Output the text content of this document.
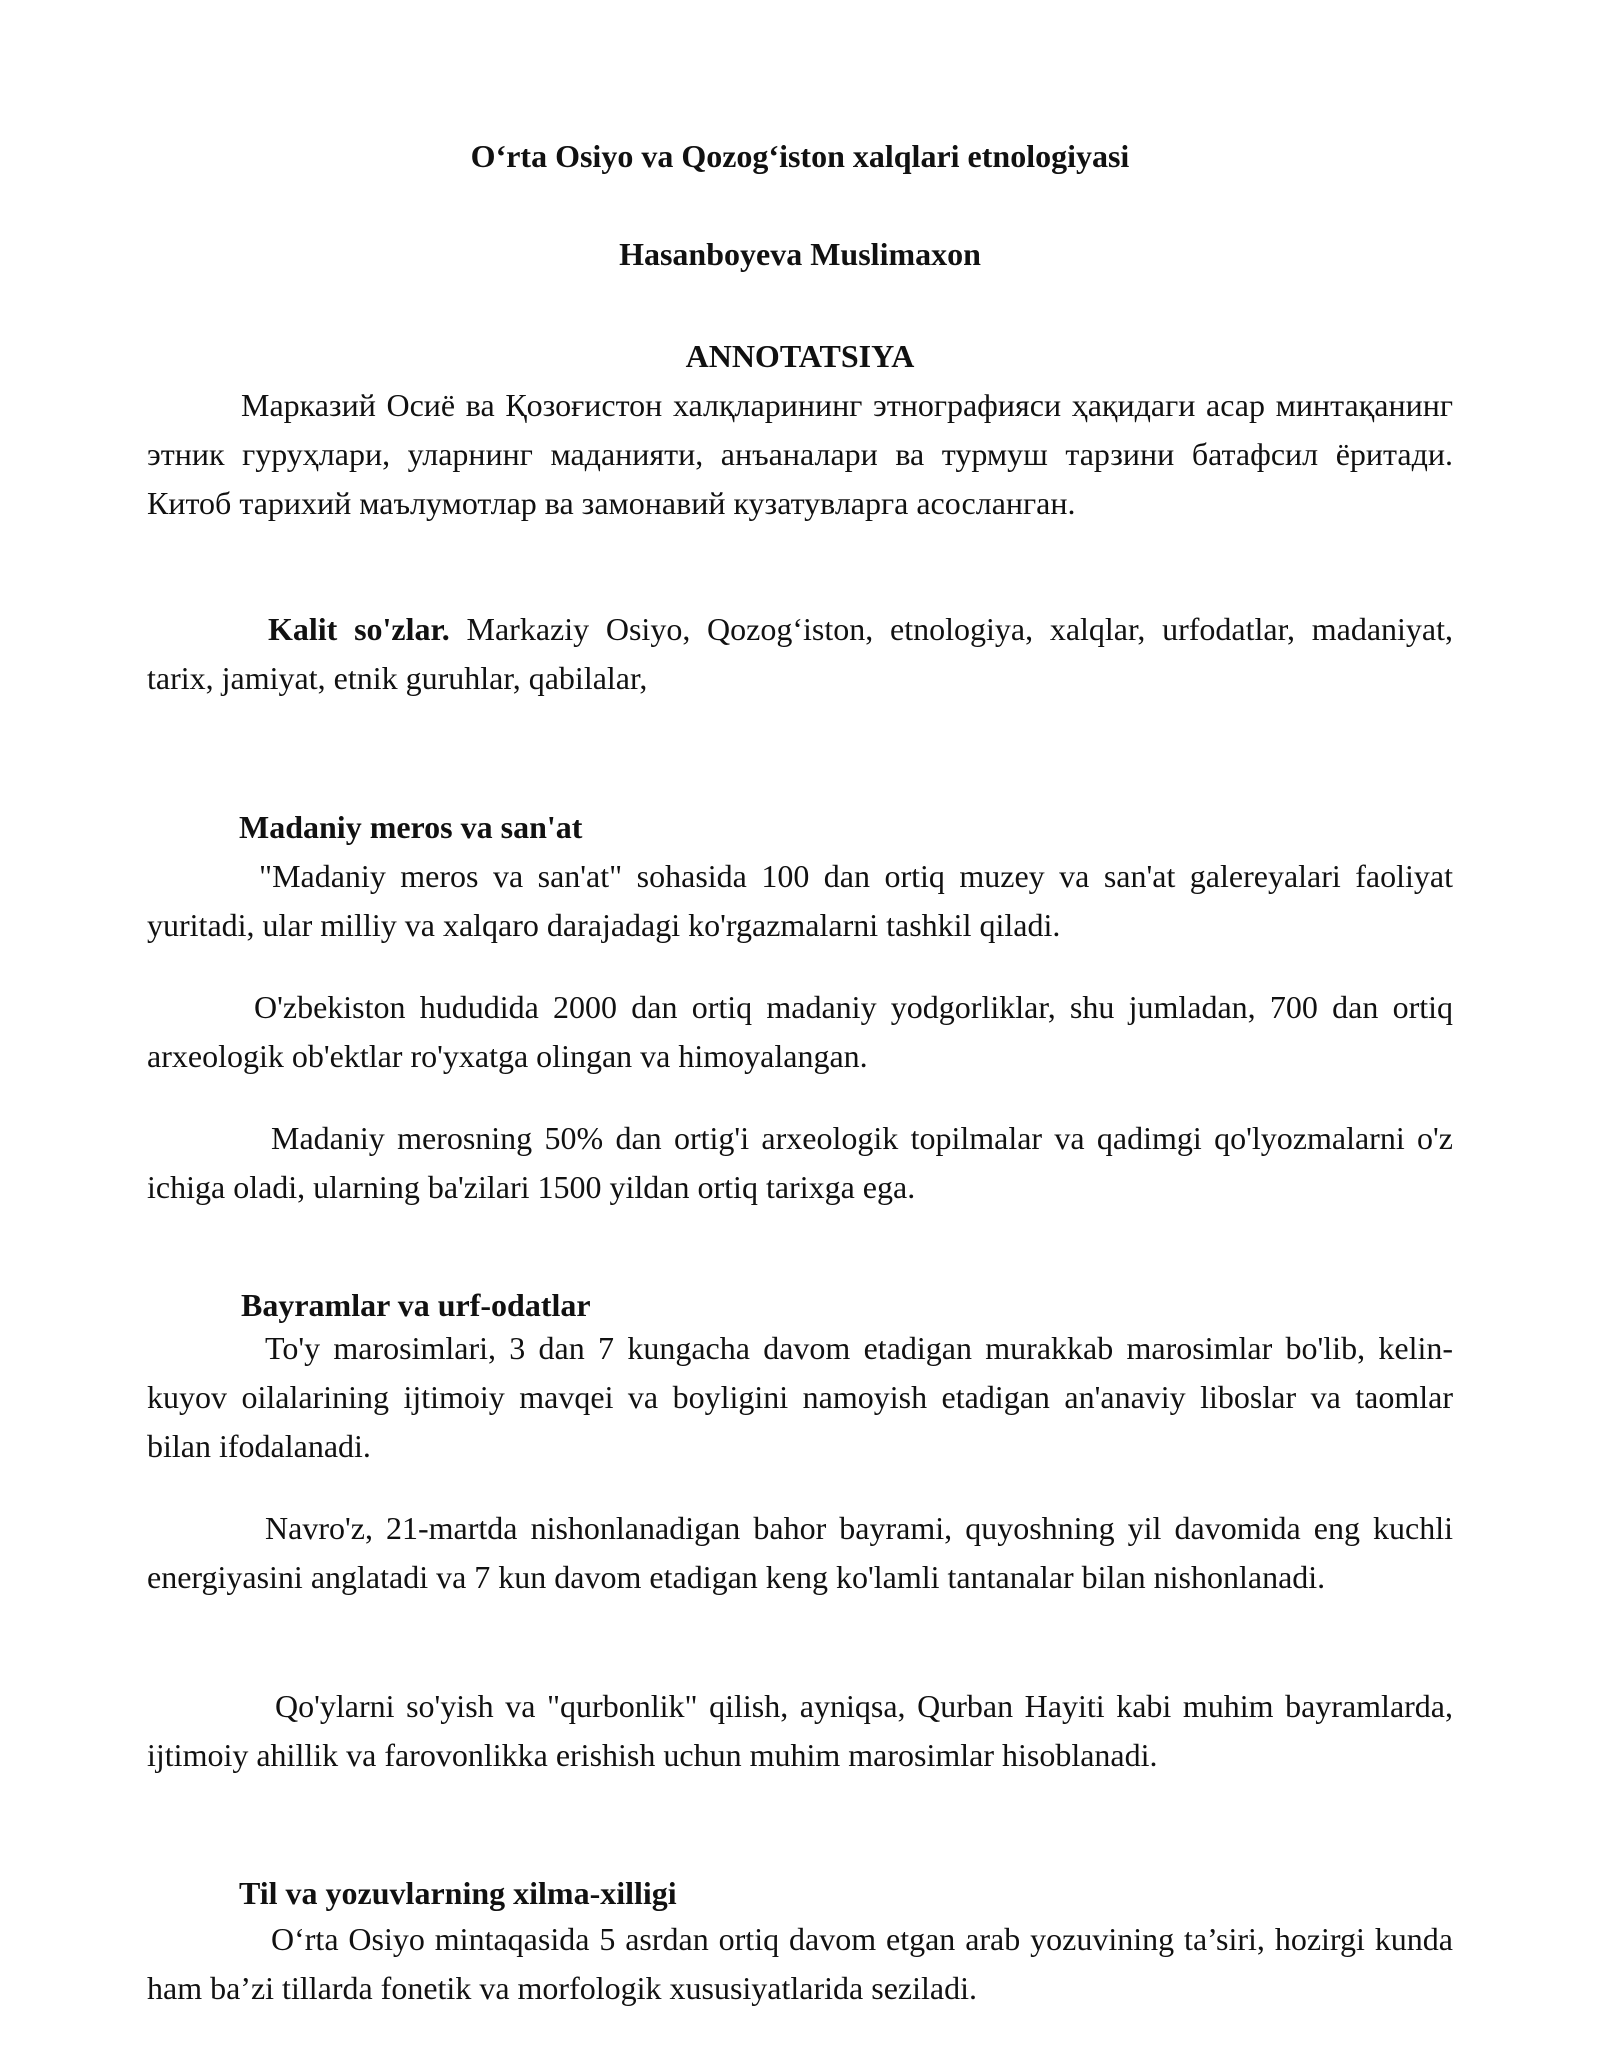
O‘rta Osiyo va Qozog‘iston xalqlari etnologiyasi
Hasanboyeva Muslimaxon
ANNOTATSIYA

Марказий Осиё ва Қозоғистон халқларининг этнографияси ҳақидаги асар минтақанинг этник гуруҳлари, уларнинг маданияти, анъаналари ва турмуш тарзини батафсил ёритади. Китоб тарихий маълумотлар ва замонавий кузатувларга асосланган.

Kalit so'zlar. Markaziy Osiyo, Qozog‘iston, etnologiya, xalqlar, urfodatlar, madaniyat, tarix, jamiyat, etnik guruhlar, qabilalar,

Madaniy meros va san'at

"Madaniy meros va san'at" sohasida 100 dan ortiq muzey va san'at galereyalari faoliyat yuritadi, ular milliy va xalqaro darajadagi ko'rgazmalarni tashkil qiladi.

O'zbekiston hududida 2000 dan ortiq madaniy yodgorliklar, shu jumladan, 700 dan ortiq arxeologik ob'ektlar ro'yxatga olingan va himoyalangan.

Madaniy merosning 50% dan ortig'i arxeologik topilmalar va qadimgi qo'lyozmalarni o'z ichiga oladi, ularning ba'zilari 1500 yildan ortiq tarixga ega.

Bayramlar va urf-odatlar

To'y marosimlari, 3 dan 7 kungacha davom etadigan murakkab marosimlar bo'lib, kelin-kuyov oilalarining ijtimoiy mavqei va boyligini namoyish etadigan an'anaviy liboslar va taomlar bilan ifodalanadi.

Navro'z, 21-martda nishonlanadigan bahor bayrami, quyoshning yil davomida eng kuchli energiyasini anglatadi va 7 kun davom etadigan keng ko'lamli tantanalar bilan nishonlanadi.

Qo'ylarni so'yish va "qurbonlik" qilish, ayniqsa, Qurban Hayiti kabi muhim bayramlarda, ijtimoiy ahillik va farovonlikka erishish uchun muhim marosimlar hisoblanadi.

Til va yozuvlarning xilma-xilligi

O‘rta Osiyo mintaqasida 5 asrdan ortiq davom etgan arab yozuvining ta’siri, hozirgi kunda ham ba’zi tillarda fonetik va morfologik xususiyatlarida seziladi.
